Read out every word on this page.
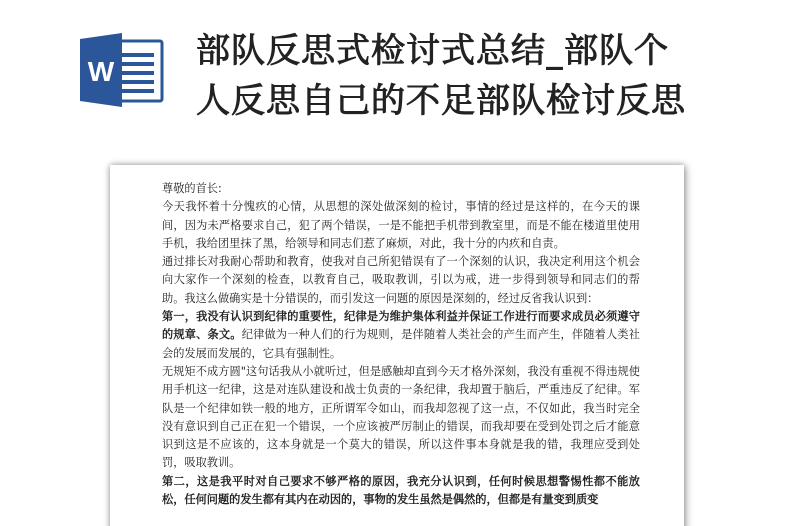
W
部队反思式检讨式总结_部队个
人反思自己的不足部队检讨反思

尊敬的首长:

今天我怀着十分愧疚的心情，从思想的深处做深刻的检讨，事情的经过是这样的，在今天的课间，因为未严格要求自己，犯了两个错误，一是不能把手机带到教室里，而是不能在楼道里使用手机，我给团里抹了黑，给领导和同志们惹了麻烦，对此，我十分的内疚和自责。

通过排长对我耐心帮助和教育，使我对自己所犯错误有了一个深刻的认识，我决定利用这个机会向大家作一个深刻的检查，以教育自己，吸取教训，引以为戒，进一步得到领导和同志们的帮助。我这么做确实是十分错误的，而引发这一问题的原因是深刻的，经过反省我认识到：

第一，我没有认识到纪律的重要性，纪律是为维护集体利益并保证工作进行而要求成员必须遵守的规章、条文。纪律做为一种人们的行为规则，是伴随着人类社会的产生而产生，伴随着人类社会的发展而发展的，它具有强制性。

无规矩不成方圆"这句话我从小就听过，但是感触却直到今天才格外深刻，我没有重视不得违规使用手机这一纪律，这是对连队建设和战士负责的一条纪律，我却置于脑后，严重违反了纪律。军队是一个纪律如铁一般的地方，正所谓军令如山，而我却忽视了这一点，不仅如此，我当时完全没有意识到自己正在犯一个错误，一个应该被严厉制止的错误，而我却要在受到处罚之后才能意识到这是不应该的，这本身就是一个莫大的错误，所以这件事本身就是我的错，我理应受到处罚，吸取教训。

第二，这是我平时对自己要求不够严格的原因，我充分认识到，任何时候思想警惕性都不能放松，任何问题的发生都有其内在动因的，事物的发生虽然是偶然的，但都是有量变到质变
